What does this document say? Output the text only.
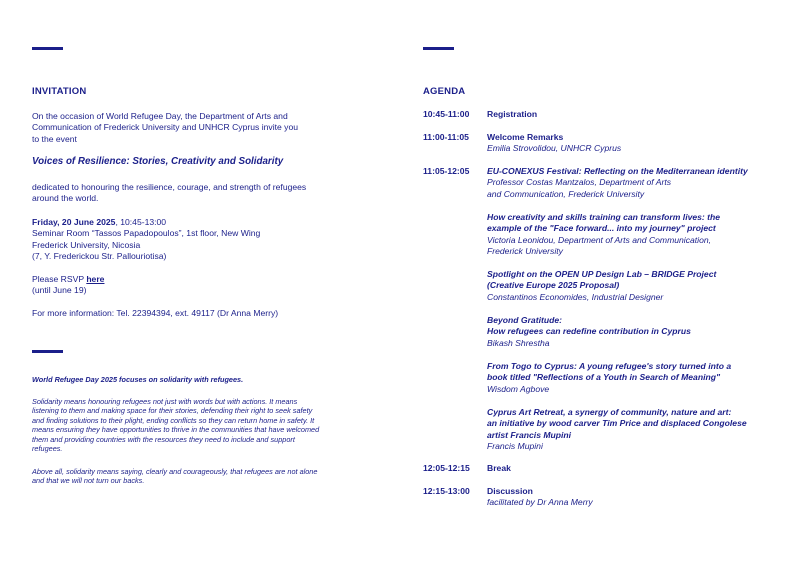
INVITATION
On the occasion of World Refugee Day, the Department of Arts and
Communication of Frederick University and UNHCR Cyprus invite you
to the event
Voices of Resilience: Stories, Creativity and Solidarity
dedicated to honouring the resilience, courage, and strength of refugees
around the world.
Friday, 20 June 2025, 10:45-13:00
Seminar Room “Tassos Papadopoulos”, 1st floor, New Wing
Frederick University, Nicosia
(7, Y. Frederickou Str. Pallouriotisa)
Please RSVP here
(until June 19)
For more information: Tel. 22394394, ext. 49117 (Dr Anna Merry)
World Refugee Day 2025 focuses on solidarity with refugees.
Solidarity means honouring refugees not just with words but with actions. It means
listening to them and making space for their stories, defending their right to seek safety
and finding solutions to their plight, ending conflicts so they can return home in safety. It
means ensuring they have opportunities to thrive in the communities that have welcomed
them and providing countries with the resources they need to include and support
refugees.
Above all, solidarity means saying, clearly and courageously, that refugees are not alone
and that we will not turn our backs.
AGENDA
10:45-11:00	Registration
11:00-11:05	Welcome Remarks
Emilia Strovolidou, UNHCR Cyprus
11:05-12:05	EU-CONEXUS Festival: Reflecting on the Mediterranean identity
Professor Costas Mantzalos, Department of Arts
and Communication, Frederick University
How creativity and skills training can transform lives: the
example of the "Face forward... into my journey" project
Victoria Leonidou, Department of Arts and Communication,
Frederick University
Spotlight on the OPEN UP Design Lab – BRIDGE Project
(Creative Europe 2025 Proposal)
Constantinos Economides, Industrial Designer
Beyond Gratitude:
How refugees can redefine contribution in Cyprus
Bikash Shrestha
From Togo to Cyprus: A young refugee's story turned into a
book titled "Reflections of a Youth in Search of Meaning"
Wisdom Agbove
Cyprus Art Retreat, a synergy of community, nature and art:
an initiative by wood carver Tim Price and displaced Congolese
artist Francis Mupini
Francis Mupini
12:05-12:15	Break
12:15-13:00	Discussion
facilitated by Dr Anna Merry
